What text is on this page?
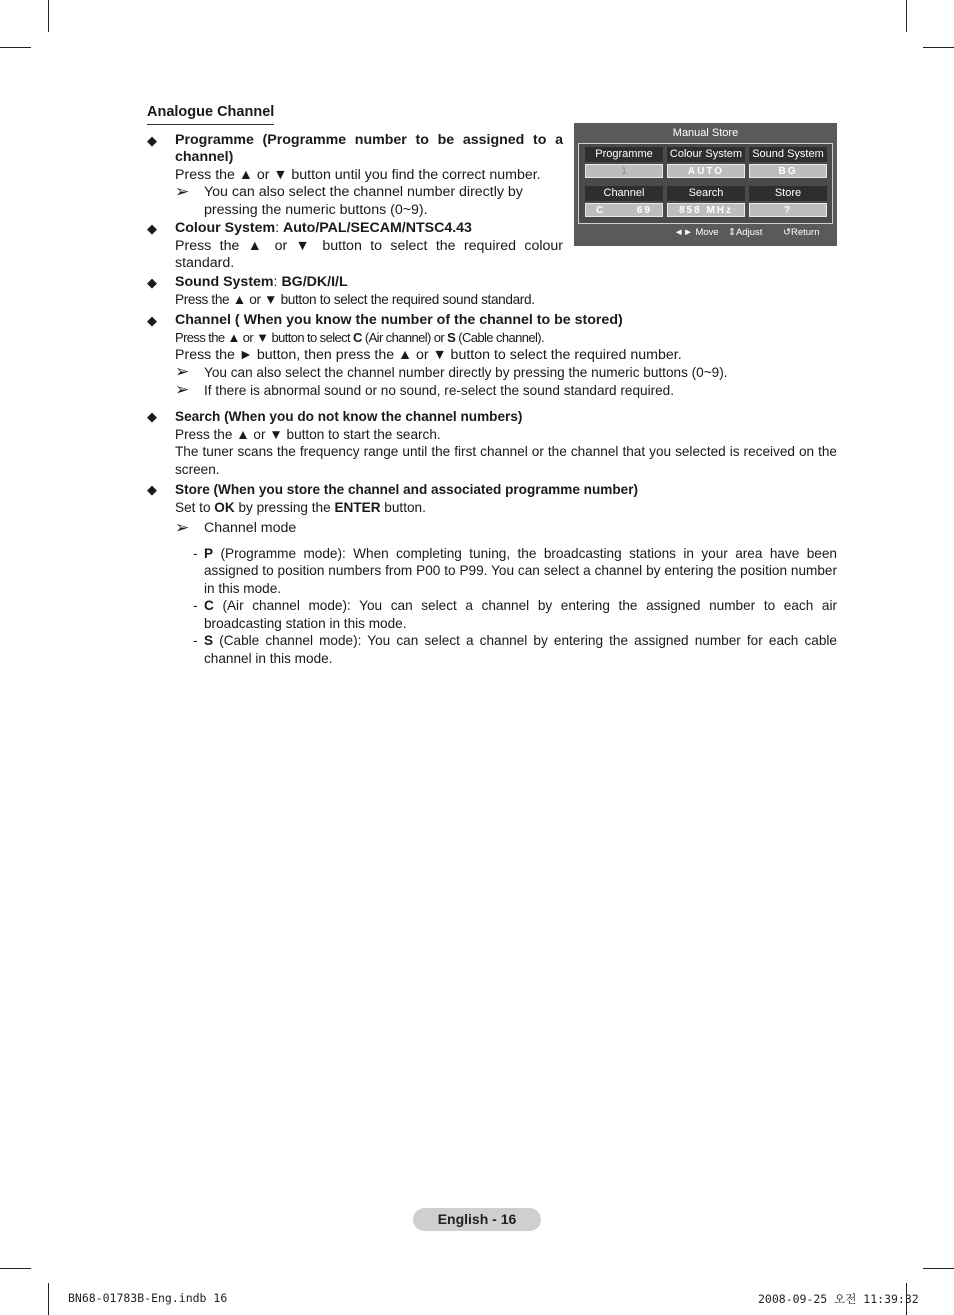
Analogue Channel
◆ Programme (Programme number to be assigned to a channel)
Press the ▲ or ▼ button until you find the correct number.
➢ You can also select the channel number directly by pressing the numeric buttons (0~9).
◆ Colour System: Auto/PAL/SECAM/NTSC4.43
Press the ▲ or ▼ button to select the required colour standard.
◆ Sound System: BG/DK/I/L
Press the ▲ or ▼ button to select the required sound standard.
◆ Channel ( When you know the number of the channel to be stored)
Press the ▲ or ▼ button to select C (Air channel) or S (Cable channel).
Press the ► button, then press the ▲ or ▼ button to select the required number.
➢ You can also select the channel number directly by pressing the numeric buttons (0~9).
➢ If there is abnormal sound or no sound, re-select the sound standard required.
◆ Search (When you do not know the channel numbers)
Press the ▲ or ▼ button to start the search.
The tuner scans the frequency range until the first channel or the channel that you selected is received on the screen.
◆ Store (When you store the channel and associated programme number)
Set to OK by pressing the ENTER button.
➢ Channel mode
- P (Programme mode): When completing tuning, the broadcasting stations in your area have been assigned to position numbers from P00 to P99. You can select a channel by entering the position number in this mode.
- C (Air channel mode): You can select a channel by entering the assigned number to each air broadcasting station in this mode.
- S (Cable channel mode): You can select a channel by entering the assigned number for each cable channel in this mode.
Manual Store
Programme
1
Colour System
AUTO
Sound System
BG
Channel
C	69
Search
858 MHz
Store
?
◄► Move ⇕Adjust ↺Return
English - 16
BN68-01783B-Eng.indb 16	2008-09-25 오전 11:39:32
